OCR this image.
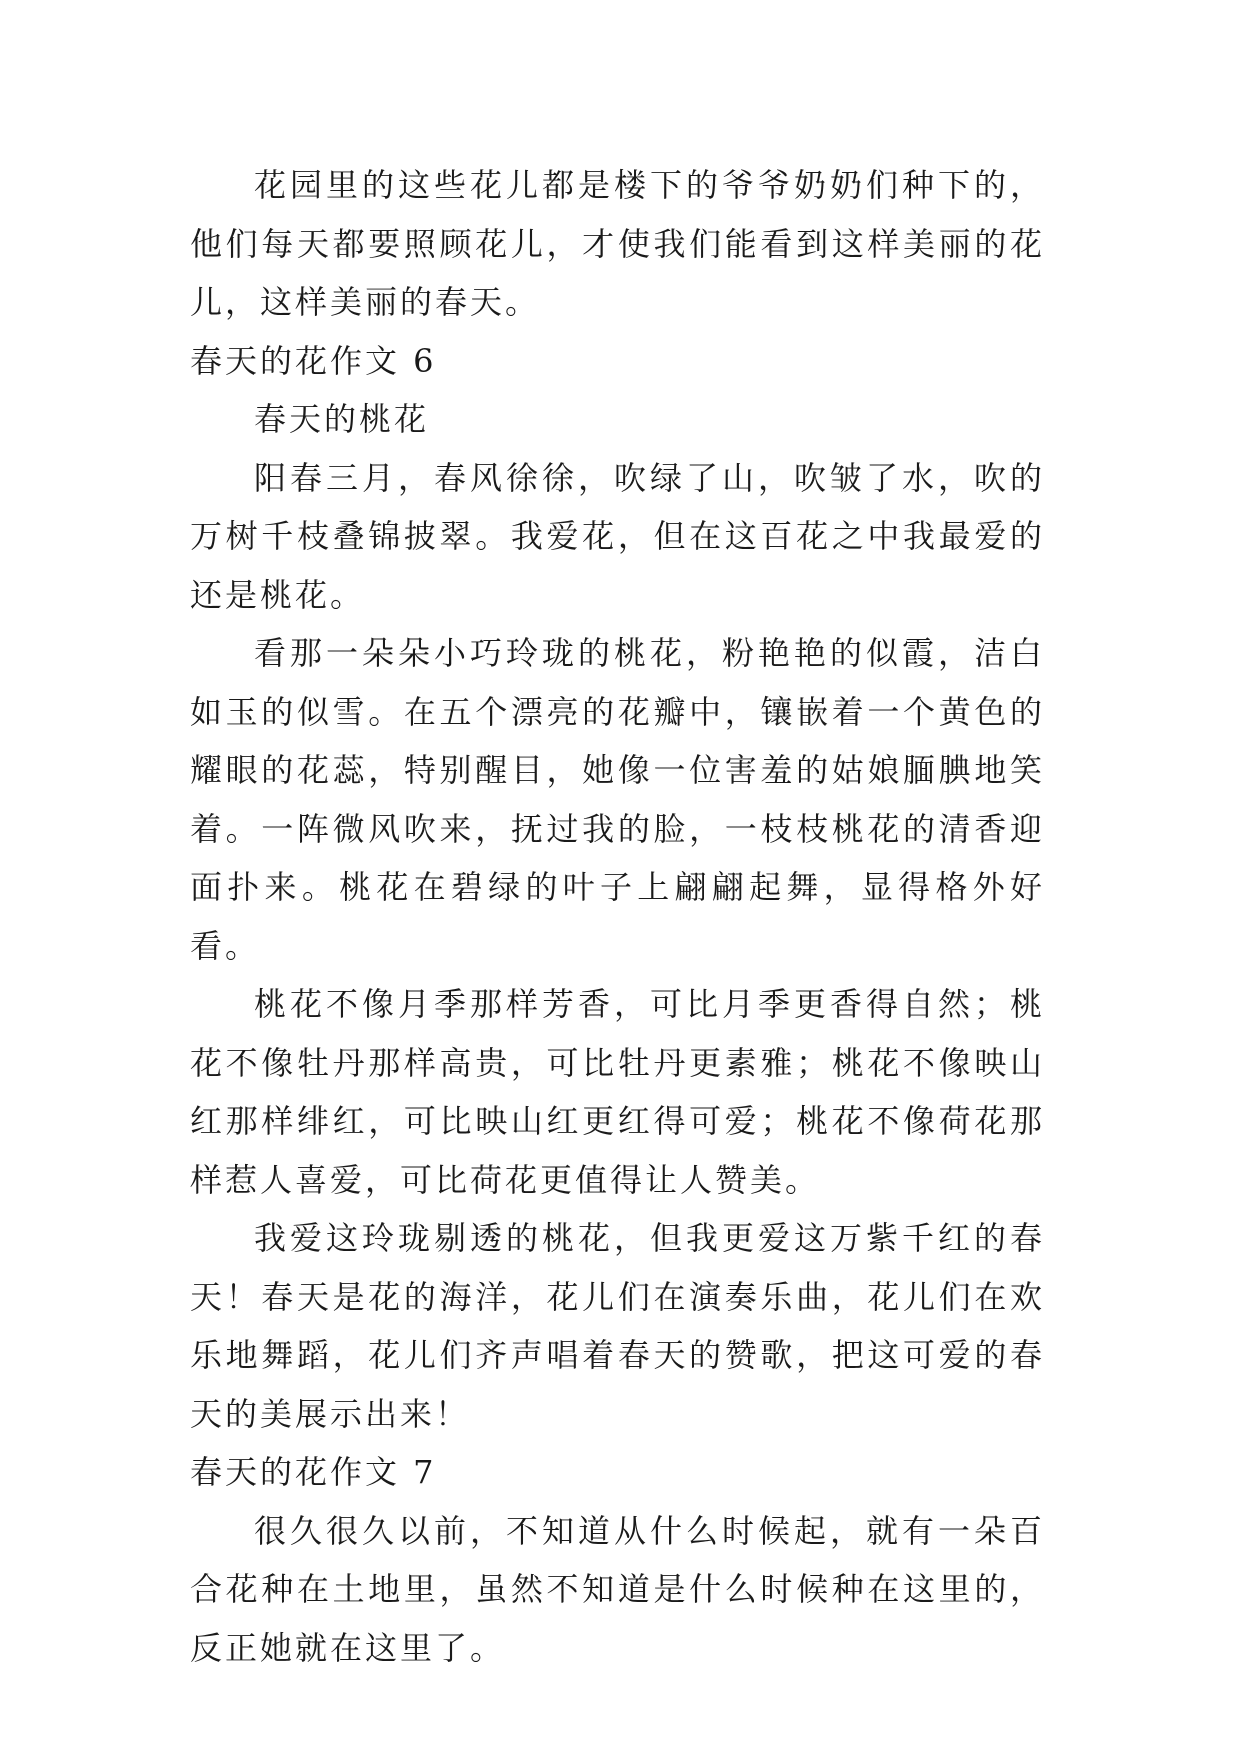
花园里的这些花儿都是楼下的爷爷奶奶们种下的，他们每天都要照顾花儿，才使我们能看到这样美丽的花儿，这样美丽的春天。

春天的花作文 6

春天的桃花

阳春三月，春风徐徐，吹绿了山，吹皱了水，吹的万树千枝叠锦披翠。我爱花，但在这百花之中我最爱的还是桃花。

看那一朵朵小巧玲珑的桃花，粉艳艳的似霞，洁白如玉的似雪。在五个漂亮的花瓣中，镶嵌着一个黄色的耀眼的花蕊，特别醒目，她像一位害羞的姑娘腼腆地笑着。一阵微风吹来，抚过我的脸，一枝枝桃花的清香迎面扑来。桃花在碧绿的叶子上翩翩起舞，显得格外好看。

桃花不像月季那样芳香，可比月季更香得自然；桃花不像牡丹那样高贵，可比牡丹更素雅；桃花不像映山红那样绯红，可比映山红更红得可爱；桃花不像荷花那样惹人喜爱，可比荷花更值得让人赞美。

我爱这玲珑剔透的桃花，但我更爱这万紫千红的春天！春天是花的海洋，花儿们在演奏乐曲，花儿们在欢乐地舞蹈，花儿们齐声唱着春天的赞歌，把这可爱的春天的美展示出来！

春天的花作文 7

很久很久以前，不知道从什么时候起，就有一朵百合花种在土地里，虽然不知道是什么时候种在这里的，反正她就在这里了。
